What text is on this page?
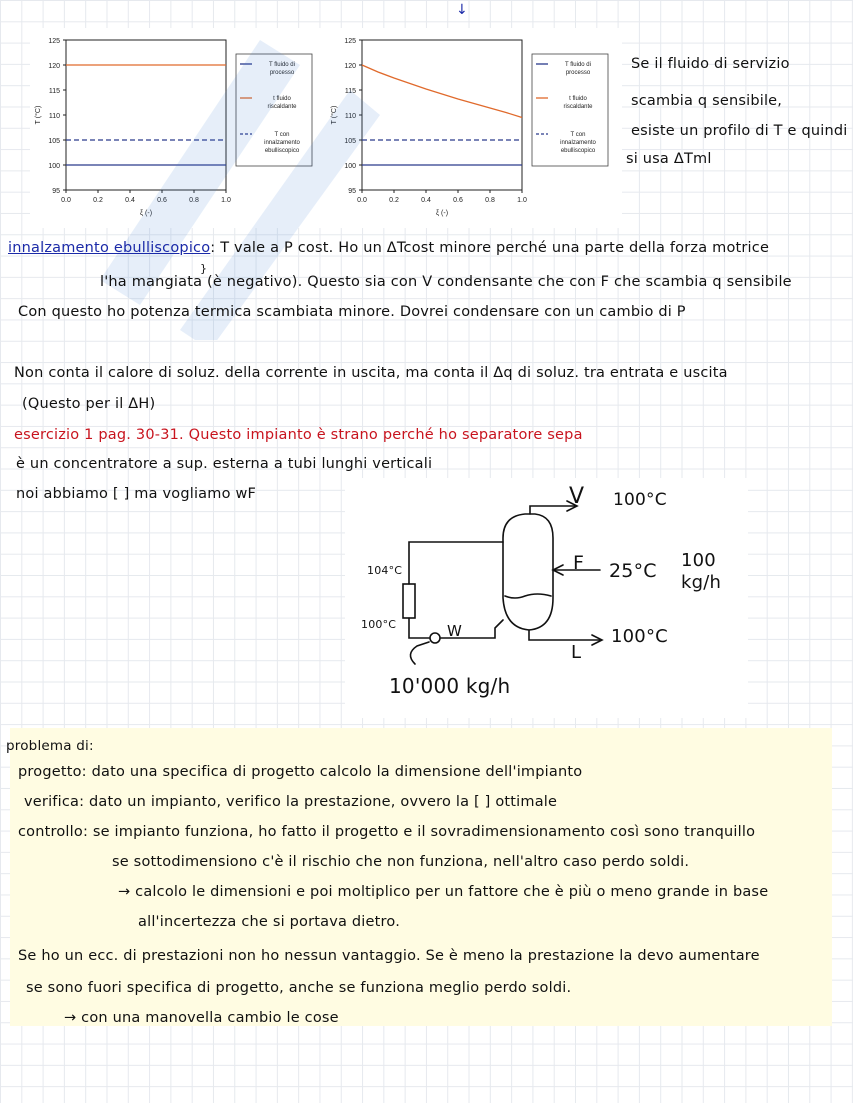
↓
95
100
105
110
115
120
125
0.0	0.2	0.4	0.6	0.8	1.0
T (°C)
ξ (-)
T fluido di
processo
t fluido
riscaldante
T con
innalzamento
ebulliscopico
95
100
105
110
115
120
125
0.0	0.2	0.4	0.6	0.8	1.0
T (°C)
ξ (-)
T fluido di
processo
t fluido
riscaldante
T con
innalzamento
ebulliscopico
Se il fluido di servizio
scambia q sensibile,
esiste un profilo di T e quindi
si usa ΔTml
innalzamento ebulliscopico: T vale a P cost. Ho un ΔTcost minore perché una parte della forza motrice
}
l'ha mangiata (è negativo). Questo sia con V condensante che con F che scambia q sensibile
Con questo ho potenza termica scambiata minore. Dovrei condensare con un cambio di P
Non conta il calore di soluz. della corrente in uscita, ma conta il Δq di soluz. tra entrata e uscita
(Questo per il ΔH)
esercizio 1 pag. 30-31. Questo impianto è strano perché ho separatore sepa
è un concentratore a sup. esterna a tubi lunghi verticali
noi abbiamo [ ] ma vogliamo wF	V 100°C
F 25°C 100 kg/h
L
100°C
W
104°C
100°C
10'000 kg/h
problema di:
progetto: dato una specifica di progetto calcolo la dimensione dell'impianto
verifica: dato un impianto, verifico la prestazione, ovvero la [ ] ottimale
controllo: se impianto funziona, ho fatto il progetto e il sovradimensionamento così sono tranquillo
se sottodimensiono c'è il rischio che non funziona, nell'altro caso perdo soldi.
→ calcolo le dimensioni e poi moltiplico per un fattore che è più o meno grande in base
all'incertezza che si portava dietro.
Se ho un ecc. di prestazioni non ho nessun vantaggio. Se è meno la prestazione la devo aumentare
se sono fuori specifica di progetto, anche se funziona meglio perdo soldi.
→ con una manovella cambio le cose
